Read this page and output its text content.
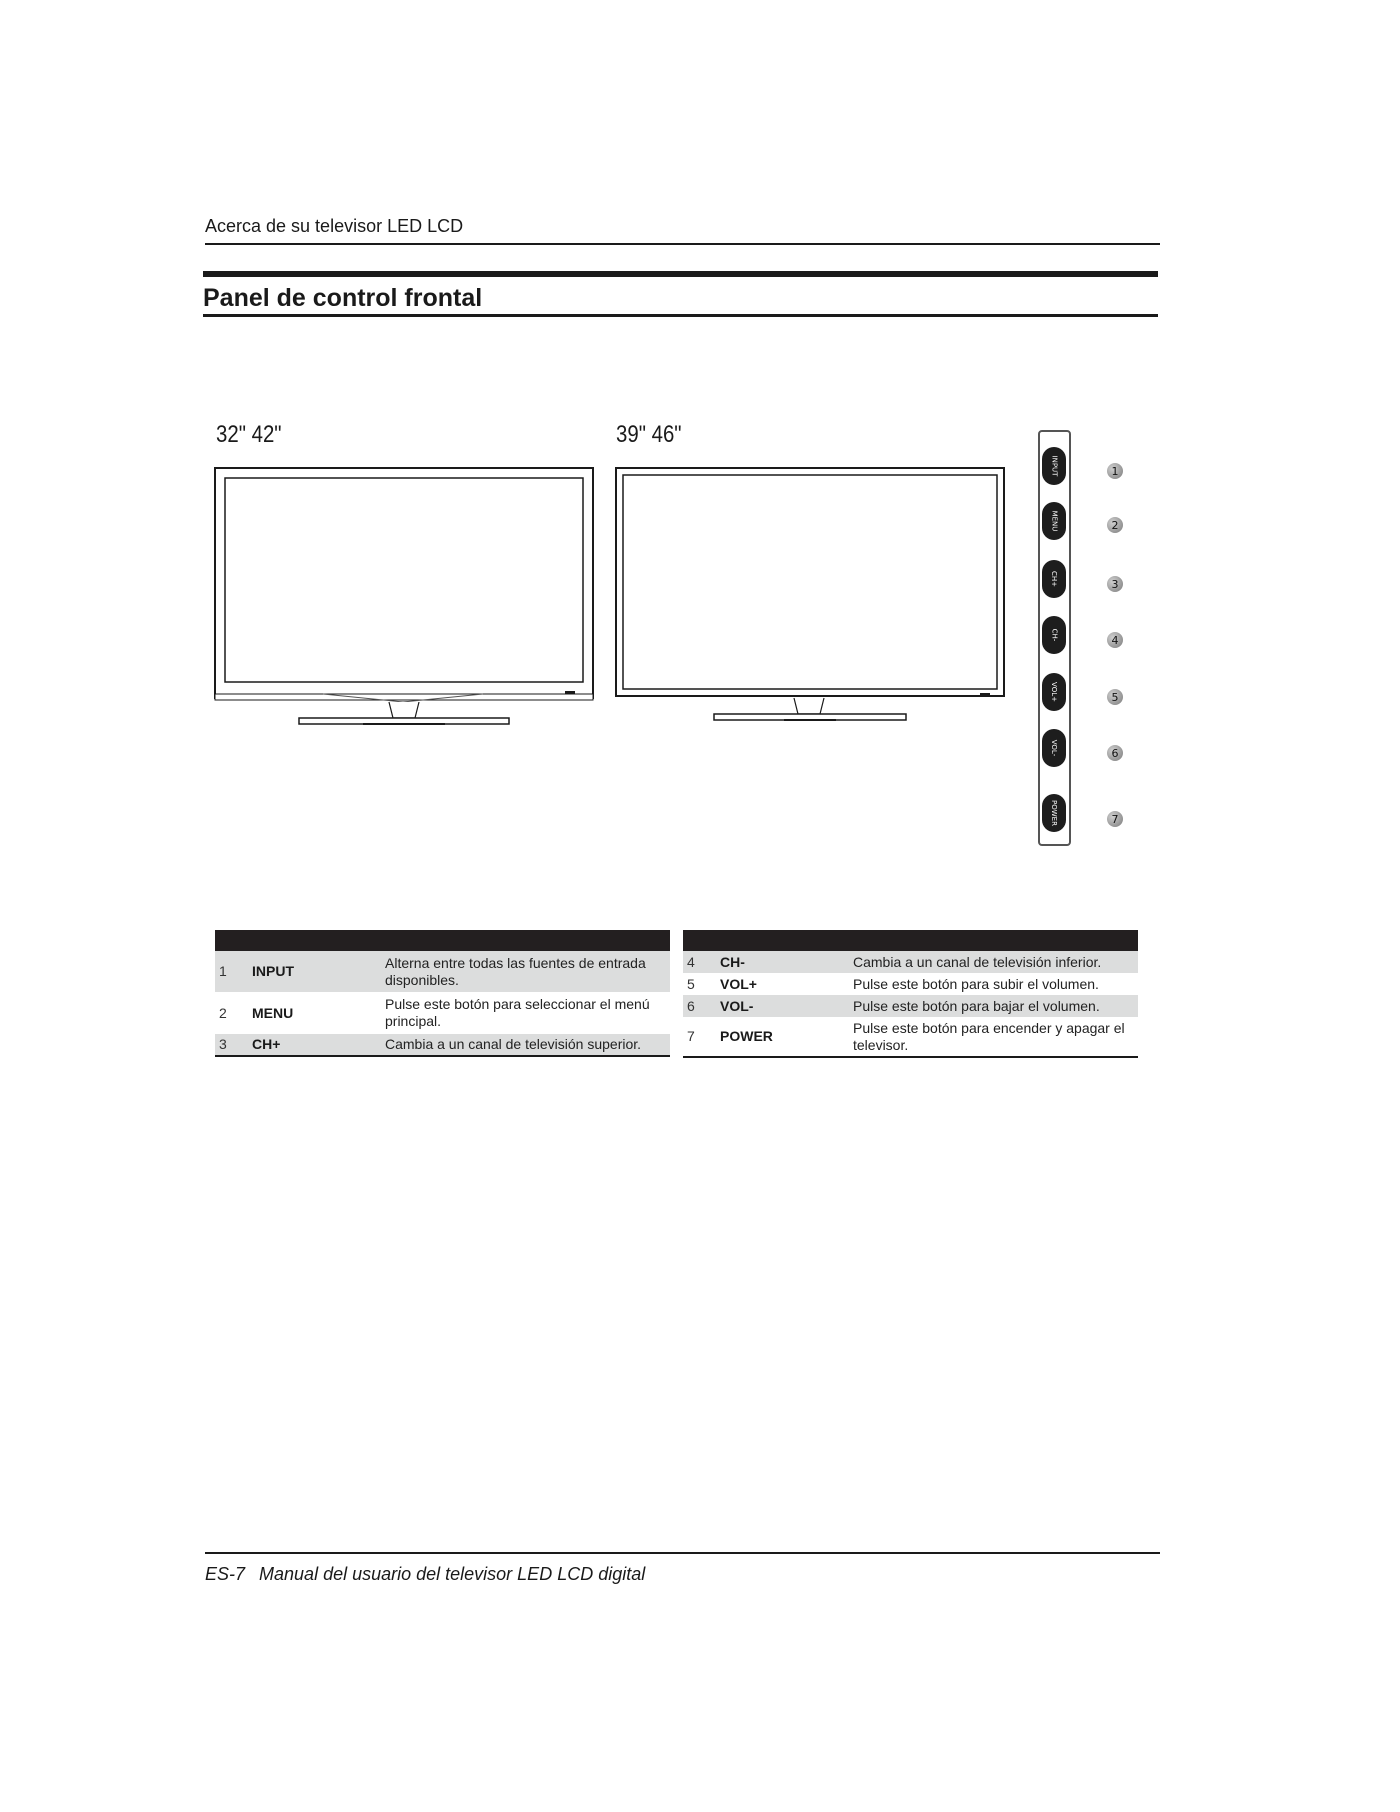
Acerca de su televisor LED LCD
Panel de control frontal
32" 42"	39" 46"
INPUT
MENU
CH+
CH-
VOL+
VOL-
POWER
1
2
3
4
5
6
7

1	INPUT	Alterna entre todas las fuentes de entrada disponibles.
2	MENU	Pulse este botón para seleccionar el menú principal.
3	CH+	Cambia a un canal de televisión superior.

4	CH-	Cambia a un canal de televisión inferior.
5	VOL+	Pulse este botón para subir el volumen.
6	VOL-	Pulse este botón para bajar el volumen.
7	POWER	Pulse este botón para encender y apagar el televisor.
ES-7 Manual del usuario del televisor LED LCD digital
